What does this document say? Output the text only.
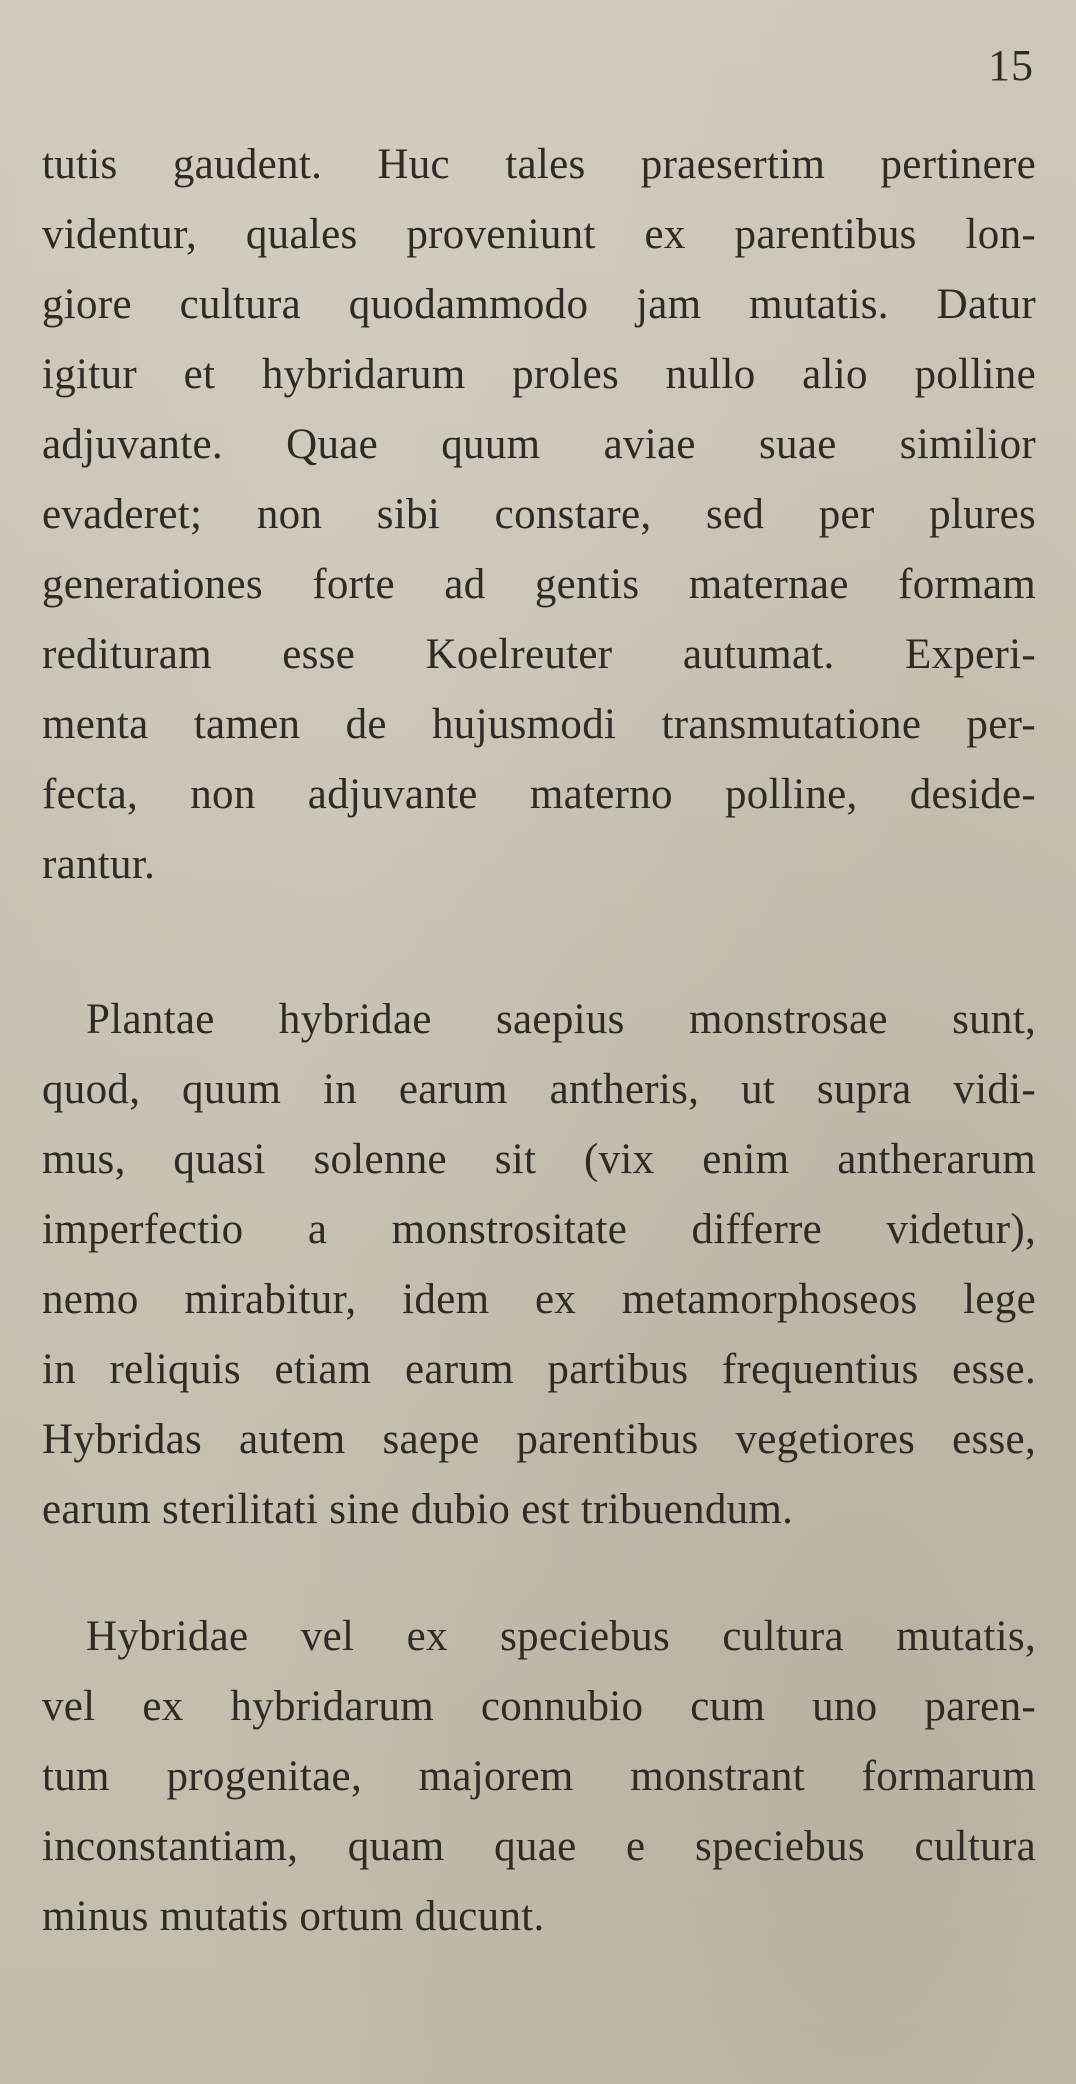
15
tutis gaudent. Huc tales praesertim pertinere
videntur, quales proveniunt ex parentibus lon-
giore cultura quodammodo jam mutatis. Datur
igitur et hybridarum proles nullo alio polline
adjuvante. Quae quum aviae suae similior
evaderet; non sibi constare, sed per plures
generationes forte ad gentis maternae formam
redituram esse Koelreuter autumat. Experi-
menta tamen de hujusmodi transmutatione per-
fecta, non adjuvante materno polline, deside-
rantur.
Plantae hybridae saepius monstrosae sunt,
quod, quum in earum antheris, ut supra vidi-
mus, quasi solenne sit (vix enim antherarum
imperfectio a monstrositate differre videtur),
nemo mirabitur, idem ex metamorphoseos lege
in reliquis etiam earum partibus frequentius esse.
Hybridas autem saepe parentibus vegetiores esse,
earum sterilitati sine dubio est tribuendum.
Hybridae vel ex speciebus cultura mutatis,
vel ex hybridarum connubio cum uno paren-
tum progenitae, majorem monstrant formarum
inconstantiam, quam quae e speciebus cultura
minus mutatis ortum ducunt.
